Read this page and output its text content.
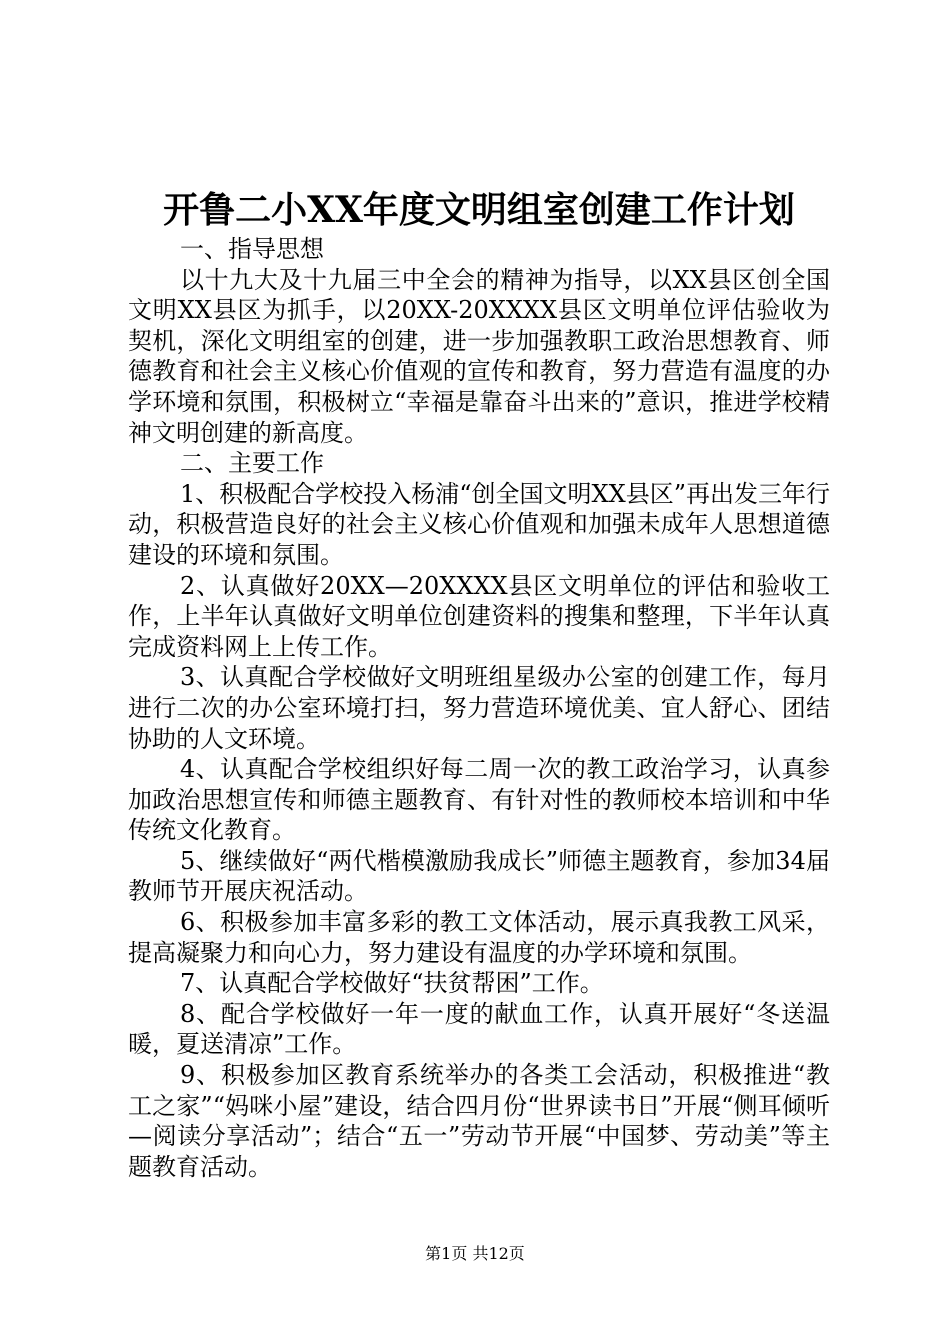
开鲁二小XX年度文明组室创建工作计划

一、指导思想

以十九大及十九届三中全会的精神为指导，以XX县区创全国文明XX县区为抓手，以20XX-20XXXX县区文明单位评估验收为契机，深化文明组室的创建，进一步加强教职工政治思想教育、师德教育和社会主义核心价值观的宣传和教育，努力营造有温度的办学环境和氛围，积极树立“幸福是靠奋斗出来的”意识，推进学校精神文明创建的新高度。

二、主要工作

1、积极配合学校投入杨浦“创全国文明XX县区”再出发三年行动，积极营造良好的社会主义核心价值观和加强未成年人思想道德建设的环境和氛围。

2、认真做好20XX—20XXXX县区文明单位的评估和验收工作，上半年认真做好文明单位创建资料的搜集和整理，下半年认真完成资料网上上传工作。

3、认真配合学校做好文明班组星级办公室的创建工作，每月进行二次的办公室环境打扫，努力营造环境优美、宜人舒心、团结协助的人文环境。

4、认真配合学校组织好每二周一次的教工政治学习，认真参加政治思想宣传和师德主题教育、有针对性的教师校本培训和中华传统文化教育。

5、继续做好“两代楷模激励我成长”师德主题教育，参加34届教师节开展庆祝活动。

6、积极参加丰富多彩的教工文体活动，展示真我教工风采，提高凝聚力和向心力，努力建设有温度的办学环境和氛围。

7、认真配合学校做好“扶贫帮困”工作。

8、配合学校做好一年一度的献血工作，认真开展好“冬送温暖，夏送清凉”工作。

9、积极参加区教育系统举办的各类工会活动，积极推进“教工之家”“妈咪小屋”建设，结合四月份“世界读书日”开展“侧耳倾听—阅读分享活动”；结合“五一”劳动节开展“中国梦、劳动美”等主题教育活动。

第1页 共12页
